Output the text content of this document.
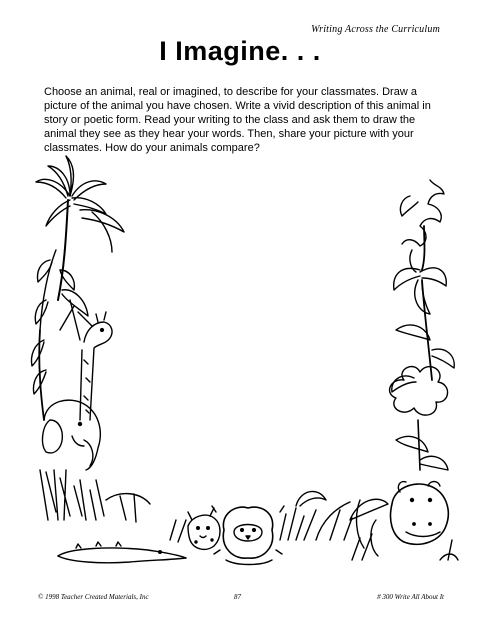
Writing Across the Curriculum
I Imagine. . .
Choose an animal, real or imagined, to describe for your classmates. Draw a picture of the animal you have chosen. Write a vivid description of this animal in story or poetic form. Read your writing to the class and ask them to draw the animal they see as they hear your words. Then, share your picture with your classmates. How do your animals compare?
© 1998 Teacher Created Materials, Inc	87	# 300 Write All About It
